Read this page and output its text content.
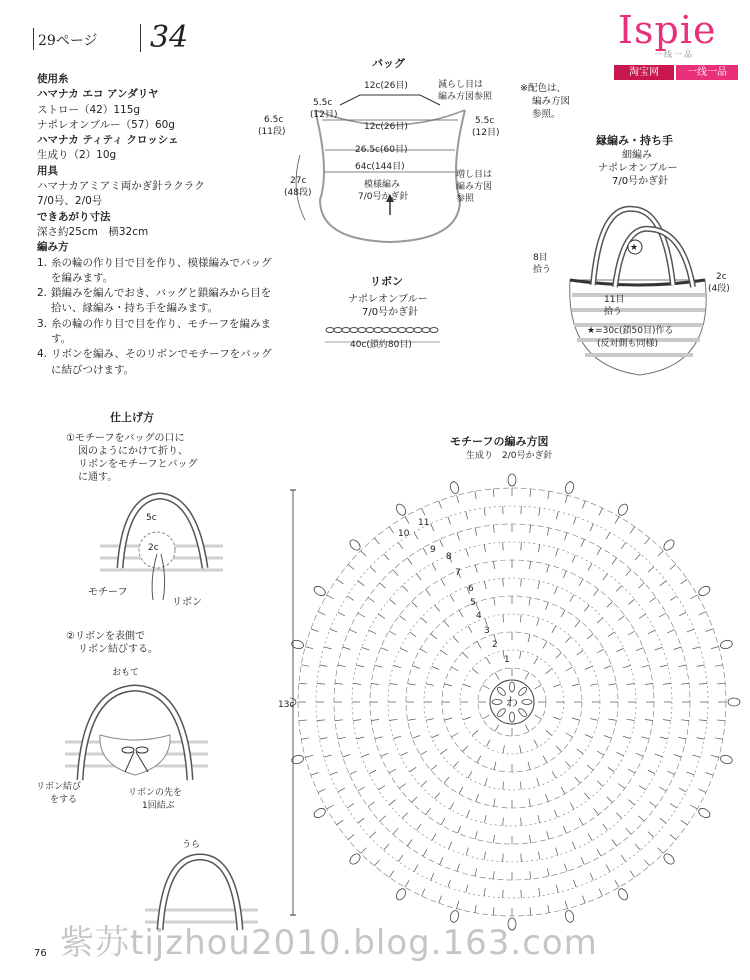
29ページ 34	Ispie
一线一品
淘宝网	一线一品
使用糸
ハマナカ エコ アンダリヤ
ストロー（42）115g
ナポレオンブルー（57）60g
ハマナカ ティティ クロッシェ
生成り（2）10g
用具
ハマナカアミアミ両かぎ針ラクラク
7/0号、2/0号
できあがり寸法
深さ約25cm　横32cm
編み方
1. 糸の輪の作り目で目を作り、模様編みでバッグを編みます。
2. 鎖編みを編んでおき、バッグと鎖編みから目を拾い、縁編み・持ち手を編みます。
3. 糸の輪の作り目で目を作り、モチーフを編みます。
4. リボンを編み、そのリボンでモチーフをバッグに結びつけます。
バッグ
12c(26目)	減らし目は
編み方図参照
5.5c
(12目)
6.5c
(11段)	12c(26目)
5.5c
(12目)
26.5c(60目)
64c(144目)
増し目は
編み方図
参照
27c
(48段)
模様編み
7/0号かぎ針
※配色は、
編み方図
参照。
縁編み・持ち手
細編み
ナポレオンブルー
7/0号かぎ針
★
8目
拾う
2c
(4段)
11目
拾う
★=30c(鎖50目)作る
(反対側も同様)
リボン
ナポレオンブルー
7/0号かぎ針
40c(鎖約80目)
仕上げ方
①モチーフをバッグの口に
図のようにかけて折り、
リボンをモチーフとバッグ
に通す。
5c
2c
モチーフ
リボン
②リボンを表側で
リボン結びする。
おもて
リボン結び
をする
リボンの先を
1回結ぶ
うら
モチーフの編み方図
生成り　2/0号かぎ針
13c	わ
1
2
3
4
5
6
7
8
9
10
11
紫苏tijzhou2010.blog.163.com
76
